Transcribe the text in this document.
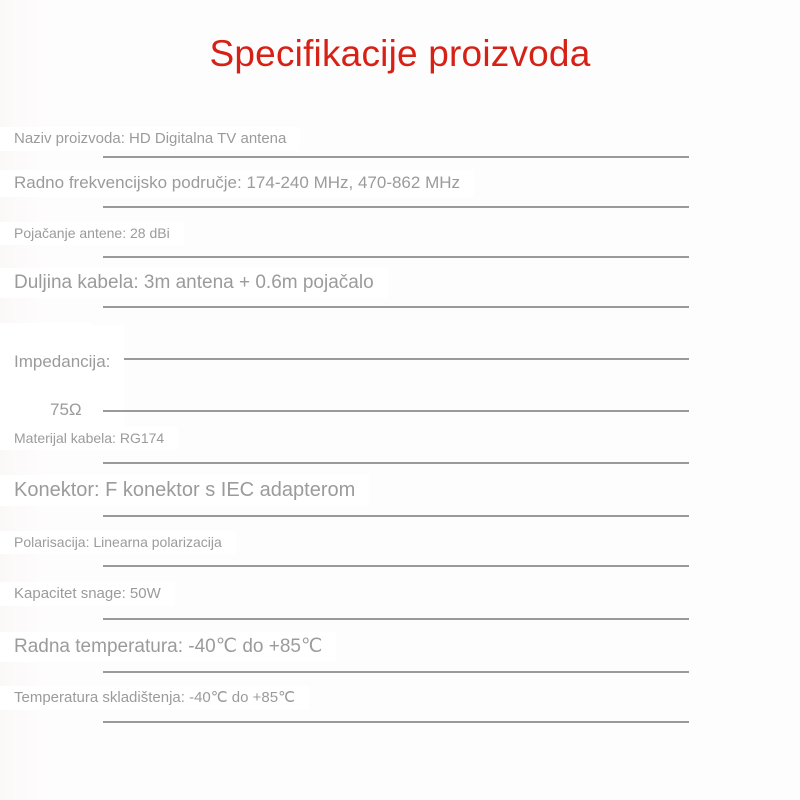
Specifikacije proizvoda
Naziv proizvoda: HD Digitalna TV antena
Radno frekvencijsko područje: 174-240 MHz, 470-862 MHz
Pojačanje antene: 28 dBi
Duljina kabela: 3m antena + 0.6m pojačalo

Impedancija:

75Ω

Materijal kabela: RG174
Konektor: F konektor s IEC adapterom
Polarisacija: Linearna polarizacija
Kapacitet snage: 50W
Radna temperatura: -40℃ do +85℃
Temperatura skladištenja: -40℃ do +85℃
